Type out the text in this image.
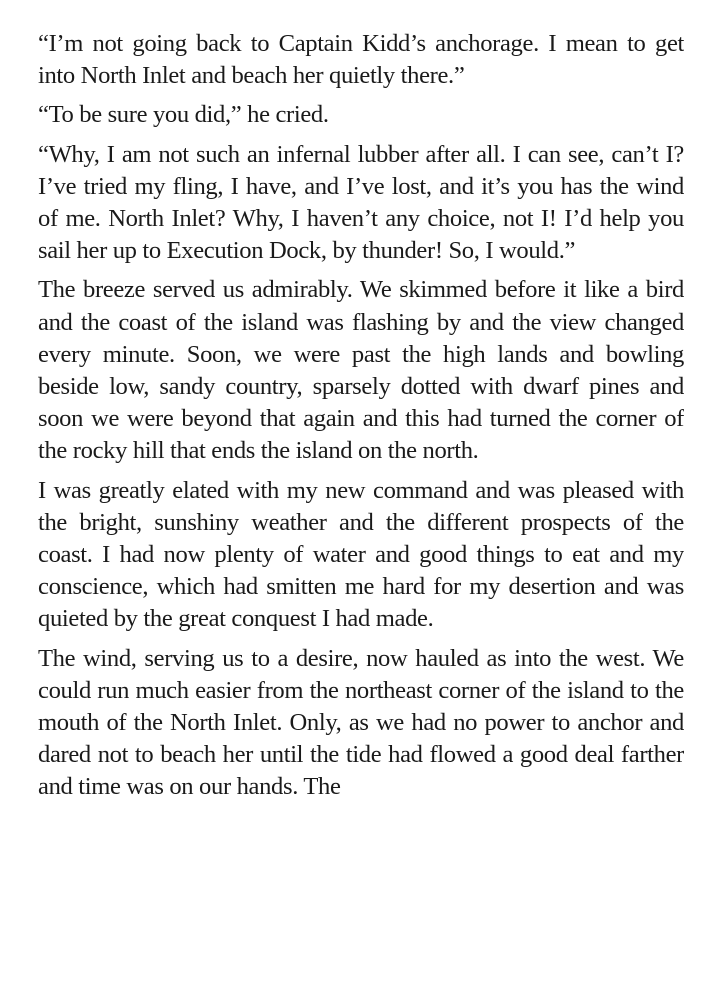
“I’m not going back to Captain Kidd’s anchorage. I mean to get into North Inlet and beach her quietly there.”

“To be sure you did,” he cried.

“Why, I am not such an infernal lubber after all. I can see, can’t I? I’ve tried my fling, I have, and I’ve lost, and it’s you has the wind of me. North Inlet? Why, I haven’t any choice, not I! I’d help you sail her up to Execution Dock, by thunder! So, I would.”

The breeze served us admirably. We skimmed before it like a bird and the coast of the island was flashing by and the view changed every minute. Soon, we were past the high lands and bowling beside low, sandy country, sparsely dotted with dwarf pines and soon we were beyond that again and this had turned the corner of the rocky hill that ends the island on the north.

I was greatly elated with my new command and was pleased with the bright, sunshiny weather and the different prospects of the coast. I had now plenty of water and good things to eat and my conscience, which had smitten me hard for my desertion and was quieted by the great conquest I had made.

The wind, serving us to a desire, now hauled as into the west. We could run much easier from the northeast corner of the island to the mouth of the North Inlet. Only, as we had no power to anchor and dared not to beach her until the tide had flowed a good deal farther and time was on our hands. The
